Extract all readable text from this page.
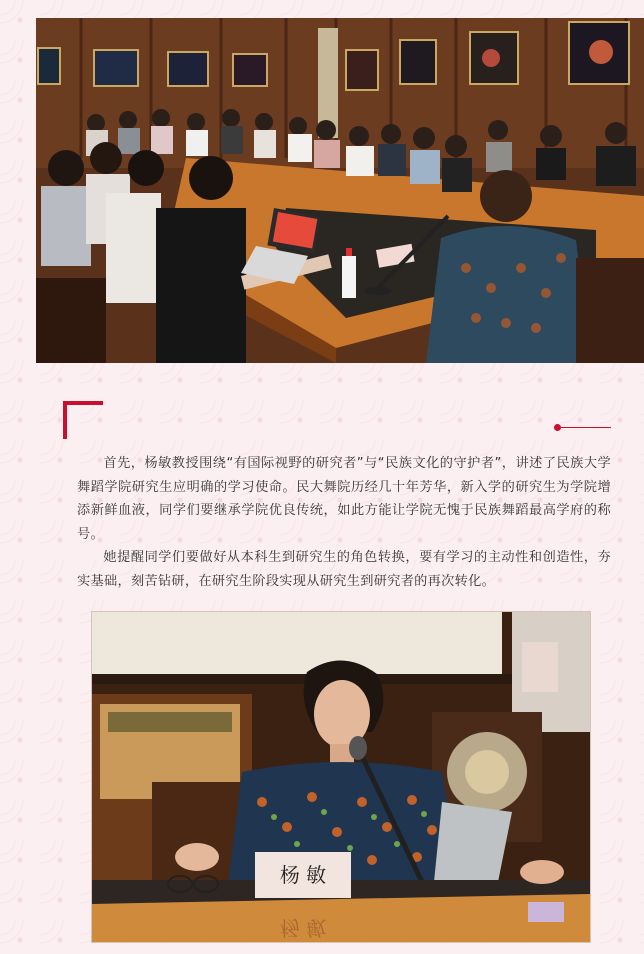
首先，杨敏教授围绕“有国际视野的研究者”与“民族文化的守护者”，讲述了民族大学舞蹈学院研究生应明确的学习使命。民大舞院历经几十年芳华，新入学的研究生为学院增添新鲜血液，同学们要继承学院优良传统，如此方能让学院无愧于民族舞蹈最高学府的称号。

她提醒同学们要做好从本科生到研究生的角色转换，要有学习的主动性和创造性，夯实基础，刻苦钻研，在研究生阶段实现从研究生到研究者的再次转化。

杨 敏
杨 敏
